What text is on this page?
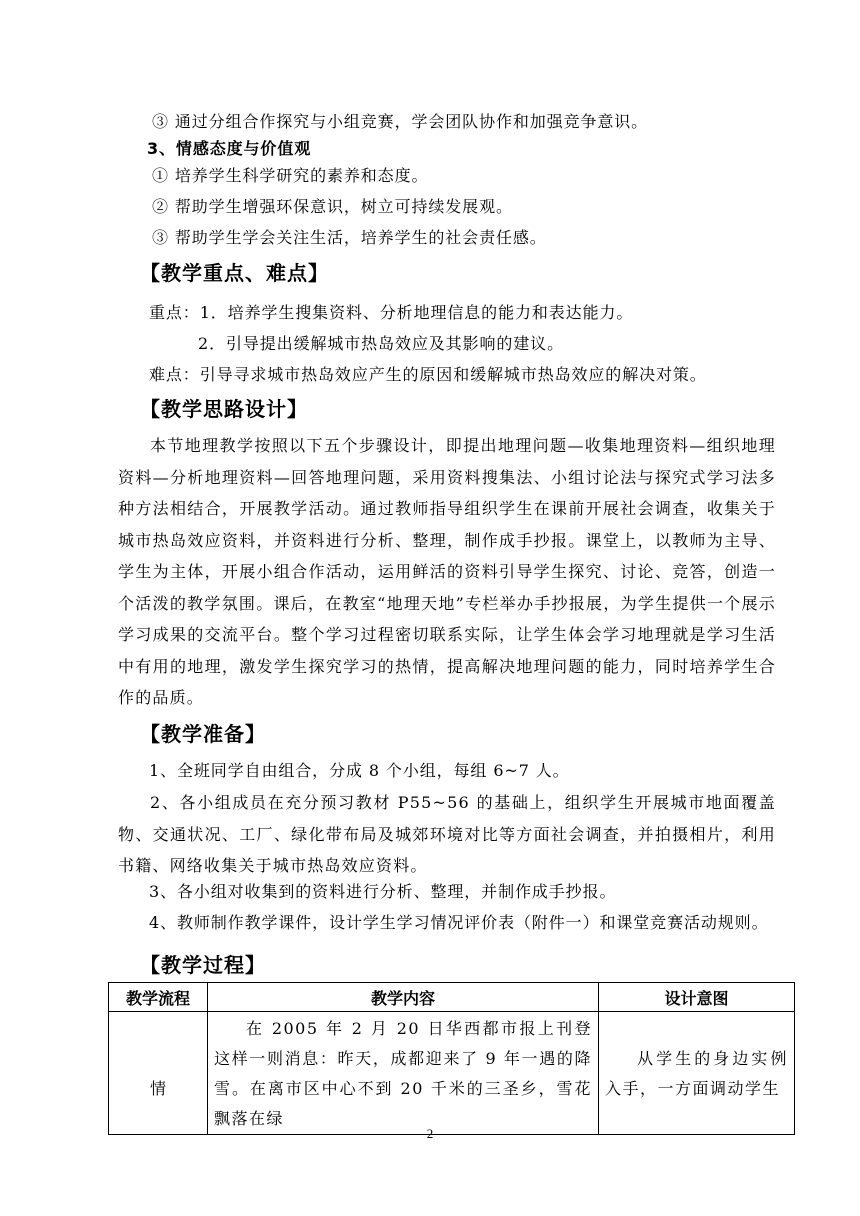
③ 通过分组合作探究与小组竞赛，学会团队协作和加强竞争意识。
3、情感态度与价值观
① 培养学生科学研究的素养和态度。
② 帮助学生增强环保意识，树立可持续发展观。
③ 帮助学生学会关注生活，培养学生的社会责任感。
【教学重点、难点】
重点：1．培养学生搜集资料、分析地理信息的能力和表达能力。
2．引导提出缓解城市热岛效应及其影响的建议。
难点：引导寻求城市热岛效应产生的原因和缓解城市热岛效应的解决对策。
【教学思路设计】
本节地理教学按照以下五个步骤设计，即提出地理问题—收集地理资料—组织地理资料—分析地理资料—回答地理问题，采用资料搜集法、小组讨论法与探究式学习法多种方法相结合，开展教学活动。通过教师指导组织学生在课前开展社会调查，收集关于城市热岛效应资料，并资料进行分析、整理，制作成手抄报。课堂上，以教师为主导、学生为主体，开展小组合作活动，运用鲜活的资料引导学生探究、讨论、竞答，创造一个活泼的教学氛围。课后，在教室“地理天地”专栏举办手抄报展，为学生提供一个展示学习成果的交流平台。整个学习过程密切联系实际，让学生体会学习地理就是学习生活中有用的地理，激发学生探究学习的热情，提高解决地理问题的能力，同时培养学生合作的品质。
【教学准备】
1、全班同学自由组合，分成 8 个小组，每组 6~7 人。
2、各小组成员在充分预习教材 P55~56 的基础上，组织学生开展城市地面覆盖物、交通状况、工厂、绿化带布局及城郊环境对比等方面社会调查，并拍摄相片，利用书籍、网络收集关于城市热岛效应资料。
3、各小组对收集到的资料进行分析、整理，并制作成手抄报。
4、教师制作教学课件，设计学生学习情况评价表（附件一）和课堂竞赛活动规则。
【教学过程】
教学流程	教学内容	设计意图

情	在 2005 年 2 月 20 日华西都市报上刊登这样一则消息：昨天，成都迎来了 9 年一遇的降雪。在离市区中心不到 20 千米的三圣乡，雪花飘落在绿	从学生的身边实例入手，一方面调动学生
2
